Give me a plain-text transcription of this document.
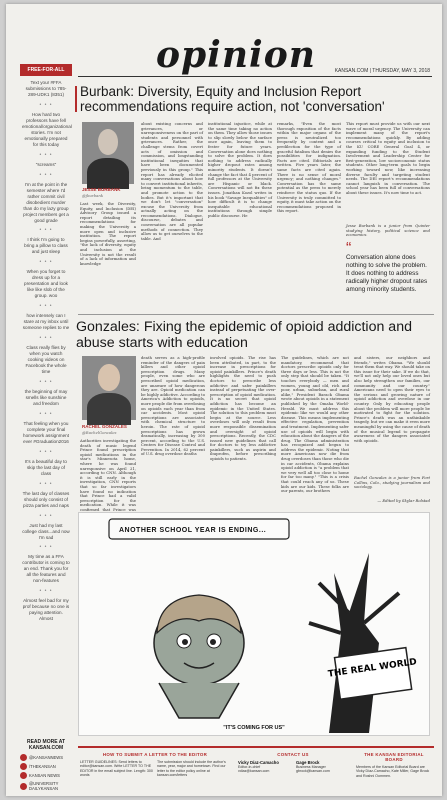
opinion	KANSAN.COM | THURSDAY, MAY 3, 2018
FREE-FOR-ALL
Text your #FFA submissions to 785-289-UDK1 (8351)
• • •
How hard two professors have fell emotional/organizational stories. I'm not emotionally prepared for this today
• • •
"screams"
• • •
I'm at the point in the semester where I'd rather commit civil disobedient murder than do my lazy group project members get a good grade
• • •
I think I'm going to bring a pillow to class and just sleep
• • •
When you forget to dress up for a presentation and look like like slob of the group. woo
• • •
how intensely can I stare at my inbox until someone replies to me
• • •
Class really flies by when you watch cooking videos on Facebook the whole time
• • •
the beginning of may smells like sunshine and freedom
• • •
That feeling when you complete your final homework assignment ever #Graduation2016
• • •
It's a beautiful day to skip the last day of class
• • •
The last day of classes should only consist of pizza parties and naps
• • •
Just had my last college class...and now I'm sad
• • •
My time as a FFA contributor is coming to an end. Thank you for all the features and non-features
• • •
Almost feel bad for my prof because no one is paying attention. Almost
READ MORE AT KANSAN.COM
@KANSANNEWS
/THEKANSAN
KANSAN NEWS
@UNIVERSITY DAILYKANSAN
Burbank: Diversity, Equity and Inclusion Report recommendations require action, not 'conversation'
JESSE BURBANK
@jburbank
Last week, the Diversity, Equity, and Inclusion (DEI) Advisory Group issued a report detailing its recommendations for making the University a more open and inclusive institution. The report begins powerfully, asserting, "the lack of diversity, equity and inclusion at the University is not the result of a lack of information and knowledge
about existing concerns and grievances, or unresponsiveness on the part of students and personnel with grievances. Rather, the challenge stems from covert acts of omission and commission, and longstanding institutional inequities that have been documented previously in this group." This report has already elicited many conversations about how to convert institutional inherits, bring momentum to the table, and promote action to the bodies. But it's important that we don't let "conversation" excuse the University from actually acting on the recommendations. Dialogue, discourse, debates and conversation are all popular methods of connection. They allow us to get ourselves to the table. And
institutional injustice, while at the same time taking no action on them. They allow those issues to slip slowly below the surface once again, leaving them to fester for future years. Conversation alone does nothing to solve the problem. It does nothing to address radically higher dropout rates among minority students. It doesn't change the fact that 4 percent of full professors at the University are Hispanic or black. Conversations will not fix these issues. Jonathan Kozol writes in his book "Savage Inequalities" of how difficult it is to change inequitable educational institutions through simple public discourse. He
remarks, "Even the most thorough exposition of the facts within the major organs of the press is neutralized too frequently by context and a predilection for the type of graceful fatalism that denies the possibilities for indignation. Facts are cited. Editorials are written. Five years later, the same facts are cited again. There is no sense of moral urgency; and nothing changes." Conversation has the same potential as the press to merely reinforce the status quo. If the University is truly committed to equity, it must take action on the recommendations proposed in this report.
This report must provide us with our next wave of moral urgency. The University can implement many of the report's recommendations quickly. By adding courses critical to equity and inclusion to the KU CORE General Goal 4, or expanding funding to the Student Involvement and Leadership Center for first-generation, low socioeconomic status students. Other long-term goals to begin working toward now, like increasing diverse faculty and targeting student needs. The DEI report's recommendations cannot languish in conversation. The school year has been full of conversations about these issues. It's now time to act.
Jesse Burbank is a junior from Quinter studying history, political science and economics.
“
Conversation alone does nothing to solve the problem. It does nothing to address radically higher dropout rates among minority students.
Gonzales: Fixing the epidemic of opioid addiction and abuse starts with education
RACHEL GONZALES
@RachelGonzales
Authorities investigating the death of music legend Prince found prescription opioid medications in the star's Minnesota home, where he was found unresponsive on April 21, according to CNN. Although it is still early in the investigation, CNN reports that so far investigators have found no indication that Prince had a valid prescription for the medication. While it was confirmed that Prince was
death serves as a high-profile reminder of the dangers of pain killers and other opioid prescription drugs. Many people, even some who are prescribed opioid medication, are unaware of how dangerous they are. Opioid medication can be highly addictive. According to America's Addiction to opioids, more people die from overdosing on opioids each year than from car accidents. Most opioid prescriptions are associated with chemical structure to heroin. The rate of opioid prescriptions has grown dramatically, increasing by 300 percent, according to the U.S. Centers for Disease Control and Prevention. In 2014, 62 percent of U.S. drug overdose deaths
involved opioids. The rise has been attributed, in part, to the increase in prescriptions for opioid painkillers. Prince's death highlights the need to push doctors to prescribe less addictive and safer painkillers instead of perpetuating the over-prescription of opioid medication. It is no secret that opioid addiction has become an epidemic in the United States. The solution to this problem must begin at the source. Less overdoses will only result from more responsible dissemination and oversight of opioid prescriptions. Recently, the CDC issued new guidelines that call for doctors to try less addictive painkillers, such as aspirin and ibuprofen, before prescribing opioids to patients.
The guidelines, which are not mandatory, recommend that doctors prescribe opioids only for three days or less. This is not the only step that should be taken. "It touches everybody — men and women, young and old, rich and poor, urban, suburban, and rural alike," President Barack Obama wrote about opioids in a statement published by the Omaha World-Herald. We must address this epidemic like we would any other disease. This means implementing effective regulation, prevention and treatment. Implementing safer use of opioids will begin with education about the dangers of the drug. The Obama administration has recognized and begun to address the epidemic. Noting that more Americans now die from drug overdoses than those who die in car accidents, Obama explains opioid addiction is "a problem that we very well all too close to home for far too many." "This is a crisis that could reach any of us. These kids are our kids. These folks are our parents, our brothers
and sisters, our neighbors and friends," writes Obama. "We should treat them that way. We should take on this issue for their sake. If we do that, we'll not only help our loved ones but also help strengthen our families, our community and our country." Americans need to open their eyes to the serious and growing nature of opioid addiction and overdose in our country. Only by educating people about the problem will more people be motivated to fight for the solution. Prince's death was an unthinkable tragedy, but we can make it even more meaningful by using the cause of death of the musical legend to propagate awareness of the dangers associated with opioids.
Rachel Gonzales is a junior from Fort Collins, Colo., studying journalism and sociology.
— Edited by Skylar Rolstad
ANOTHER SCHOOL YEAR IS ENDING...
THE REAL WORLD
"IT'S COMING FOR US"
HOW TO SUBMIT A LETTER TO THE EDITOR
LETTER GUIDELINES: Send letters to editor@kansan.com. Write LETTER TO THE EDITOR in the email subject line. Length: 300 words
The submission should include the author's name, year, major and hometown. Find our letter to the editor policy online at kansan.com/letters
CONTACT US
Vicky Díaz-Camacho
Editor-in-chief
vdiaz@kansan.com
Gage Brock
Business Manager
gbrock@kansan.com
THE KANSAN EDITORIAL BOARD
Members of the Kansan Editorial Board are Vicky Díaz-Camacho, Kate Miller, Gage Brock and Roshni Oommen.
